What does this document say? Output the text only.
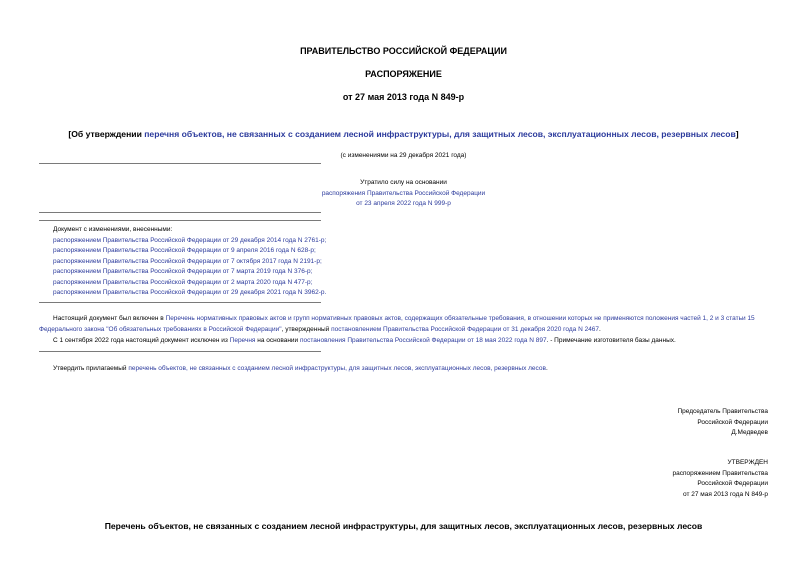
ПРАВИТЕЛЬСТВО РОССИЙСКОЙ ФЕДЕРАЦИИ
РАСПОРЯЖЕНИЕ
от 27 мая 2013 года N 849-р
[Об утверждении перечня объектов, не связанных с созданием лесной инфраструктуры, для защитных лесов, эксплуатационных лесов, резервных лесов]
(с изменениями на 29 декабря 2021 года)
Утратило силу на основании
распоряжения Правительства Российской Федерации
от 23 апреля 2022 года N 999-р
Документ с изменениями, внесенными:
распоряжением Правительства Российской Федерации от 29 декабря 2014 года N 2761-р;
распоряжением Правительства Российской Федерации от 9 апреля 2016 года N 628-р;
распоряжением Правительства Российской Федерации от 7 октября 2017 года N 2191-р;
распоряжением Правительства Российской Федерации от 7 марта 2019 года N 376-р;
распоряжением Правительства Российской Федерации от 2 марта 2020 года N 477-р;
распоряжением Правительства Российской Федерации от 29 декабря 2021 года N 3962-р.
Настоящий документ был включен в Перечень нормативных правовых актов и групп нормативных правовых актов, содержащих обязательные требования, в отношении которых не применяются положения частей 1, 2 и 3 статьи 15 Федерального закона "Об обязательных требованиях в Российской Федерации", утвержденный постановлением Правительства Российской Федерации от 31 декабря 2020 года N 2467.
С 1 сентября 2022 года настоящий документ исключен из Перечня на основании постановления Правительства Российской Федерации от 18 мая 2022 года N 897. - Примечание изготовителя базы данных.
Утвердить прилагаемый перечень объектов, не связанных с созданием лесной инфраструктуры, для защитных лесов, эксплуатационных лесов, резервных лесов.
Председатель Правительства
Российской Федерации
Д.Медведев
УТВЕРЖДЕН
распоряжением Правительства
Российской Федерации
от 27 мая 2013 года N 849-р
Перечень объектов, не связанных с созданием лесной инфраструктуры, для защитных лесов, эксплуатационных лесов, резервных лесов
